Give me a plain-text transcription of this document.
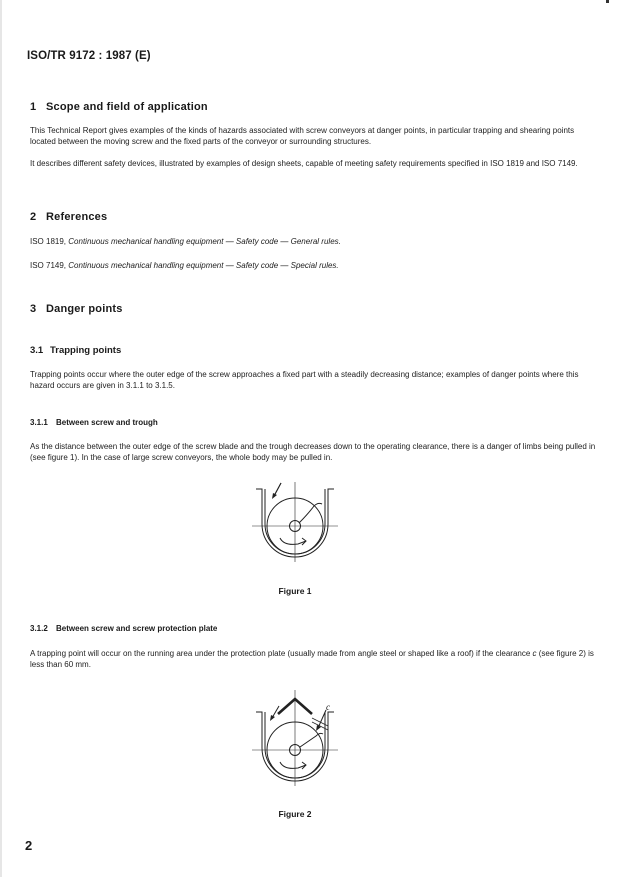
ISO/TR 9172 : 1987 (E)
1 Scope and field of application
This Technical Report gives examples of the kinds of hazards associated with screw conveyors at danger points, in particular trapping and shearing points located between the moving screw and the fixed parts of the conveyor or surrounding structures.
It describes different safety devices, illustrated by examples of design sheets, capable of meeting safety requirements specified in ISO 1819 and ISO 7149.
2 References
ISO 1819, Continuous mechanical handling equipment — Safety code — General rules.
ISO 7149, Continuous mechanical handling equipment — Safety code — Special rules.
3 Danger points
3.1 Trapping points
Trapping points occur where the outer edge of the screw approaches a fixed part with a steadily decreasing distance; examples of danger points where this hazard occurs are given in 3.1.1 to 3.1.5.
3.1.1 Between screw and trough
As the distance between the outer edge of the screw blade and the trough decreases down to the operating clearance, there is a danger of limbs being pulled in (see figure 1). In the case of large screw conveyors, the whole body may be pulled in.
Figure 1
3.1.2 Between screw and screw protection plate
A trapping point will occur on the running area under the protection plate (usually made from angle steel or shaped like a roof) if the clearance c (see figure 2) is less than 60 mm.
c
Figure 2
2
